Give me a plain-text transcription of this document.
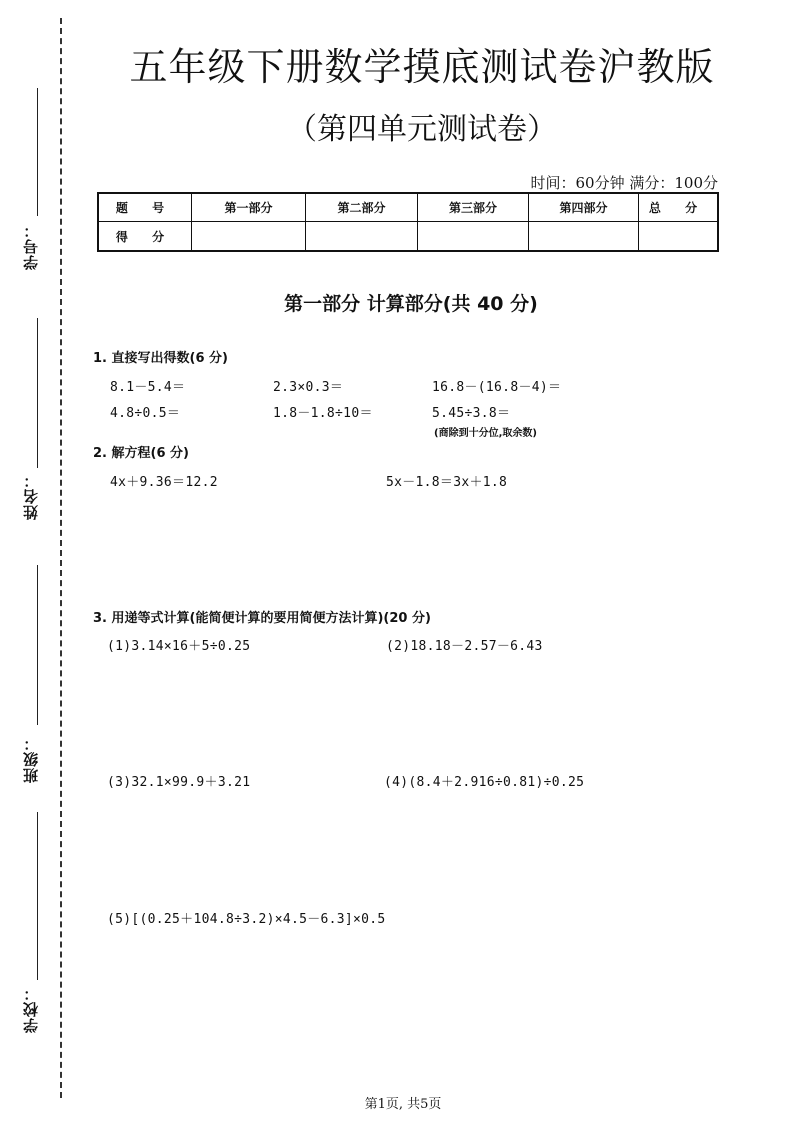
学号：
姓名：
班级：
学校：
五年级下册数学摸底测试卷沪教版
（第四单元测试卷）
时间：60分钟 满分：100分
题 号	第一部分	第二部分	第三部分	第四部分	总 分
得 分					
第一部分 计算部分(共 40 分)
1. 直接写出得数(6 分)
8.1－5.4＝	2.3×0.3＝	16.8－(16.8－4)＝
4.8÷0.5＝	1.8－1.8÷10＝	5.45÷3.8＝
(商除到十分位,取余数)
2. 解方程(6 分)
4x＋9.36＝12.2	5x－1.8＝3x＋1.8
3. 用递等式计算(能简便计算的要用简便方法计算)(20 分)
(1)3.14×16＋5÷0.25	(2)18.18－2.57－6.43
(3)32.1×99.9＋3.21	(4)(8.4＋2.916÷0.81)÷0.25
(5)[(0.25＋104.8÷3.2)×4.5－6.3]×0.5
第1页, 共5页
